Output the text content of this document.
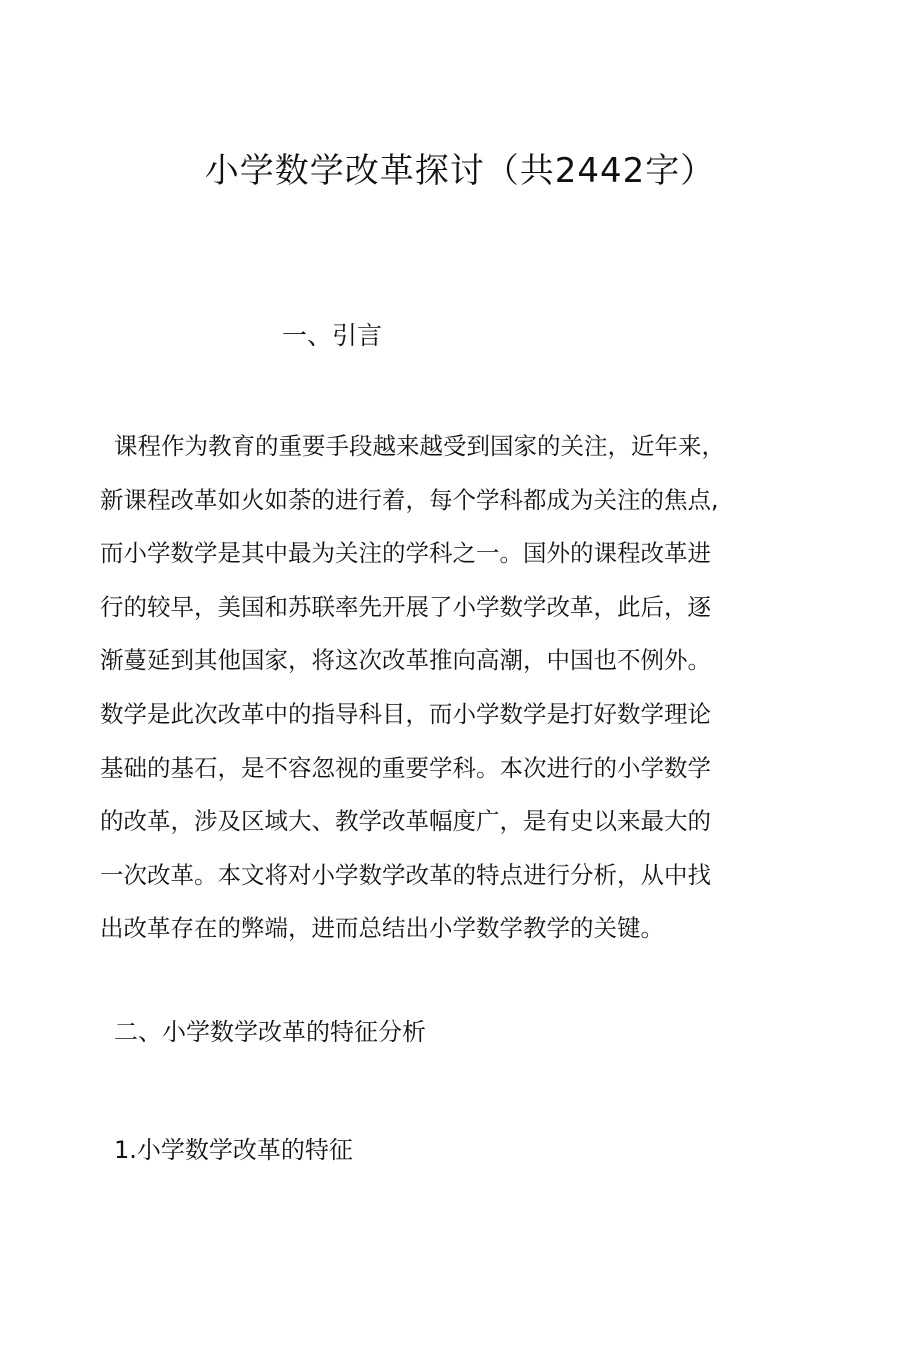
小学数学改革探讨（共2442字）
一、引言

课程作为教育的重要手段越来越受到国家的关注，近年来，
新课程改革如火如荼的进行着，每个学科都成为关注的焦点,
而小学数学是其中最为关注的学科之一。国外的课程改革进
行的较早，美国和苏联率先开展了小学数学改革，此后，逐
渐蔓延到其他国家，将这次改革推向高潮，中国也不例外。
数学是此次改革中的指导科目，而小学数学是打好数学理论
基础的基石，是不容忽视的重要学科。本次进行的小学数学
的改革，涉及区域大、教学改革幅度广，是有史以来最大的
一次改革。本文将对小学数学改革的特点进行分析，从中找
出改革存在的弊端，进而总结出小学数学教学的关键。

二、小学数学改革的特征分析
1.小学数学改革的特征
